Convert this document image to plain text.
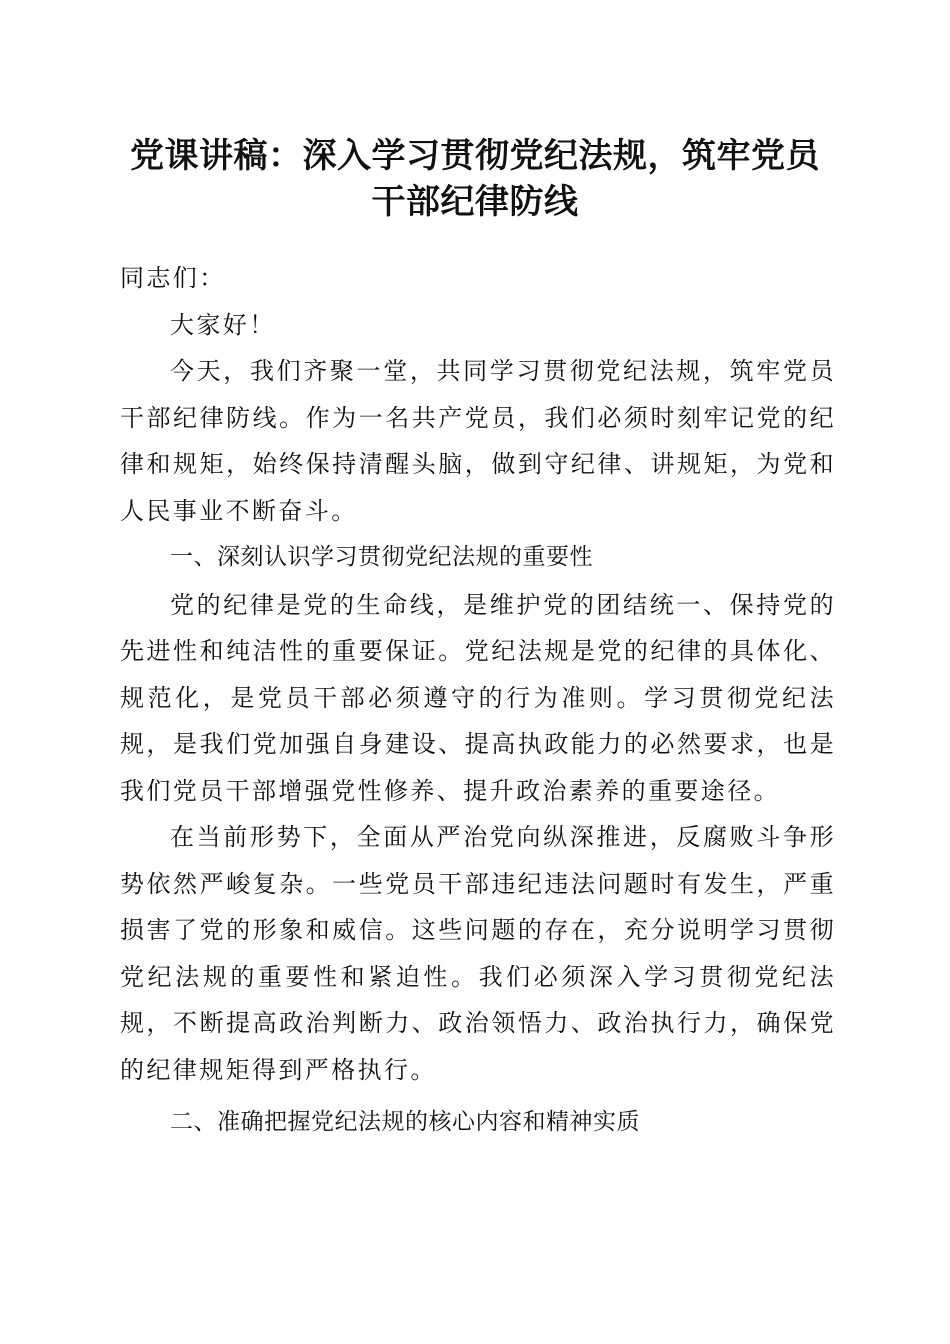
党课讲稿：深入学习贯彻党纪法规，筑牢党员
干部纪律防线

同志们：

大家好！

今天，我们齐聚一堂，共同学习贯彻党纪法规，筑牢党员干部纪律防线。作为一名共产党员，我们必须时刻牢记党的纪律和规矩，始终保持清醒头脑，做到守纪律、讲规矩，为党和人民事业不断奋斗。

一、深刻认识学习贯彻党纪法规的重要性

党的纪律是党的生命线，是维护党的团结统一、保持党的先进性和纯洁性的重要保证。党纪法规是党的纪律的具体化、规范化，是党员干部必须遵守的行为准则。学习贯彻党纪法规，是我们党加强自身建设、提高执政能力的必然要求，也是我们党员干部增强党性修养、提升政治素养的重要途径。

在当前形势下，全面从严治党向纵深推进，反腐败斗争形势依然严峻复杂。一些党员干部违纪违法问题时有发生，严重损害了党的形象和威信。这些问题的存在，充分说明学习贯彻党纪法规的重要性和紧迫性。我们必须深入学习贯彻党纪法规，不断提高政治判断力、政治领悟力、政治执行力，确保党的纪律规矩得到严格执行。

二、准确把握党纪法规的核心内容和精神实质
